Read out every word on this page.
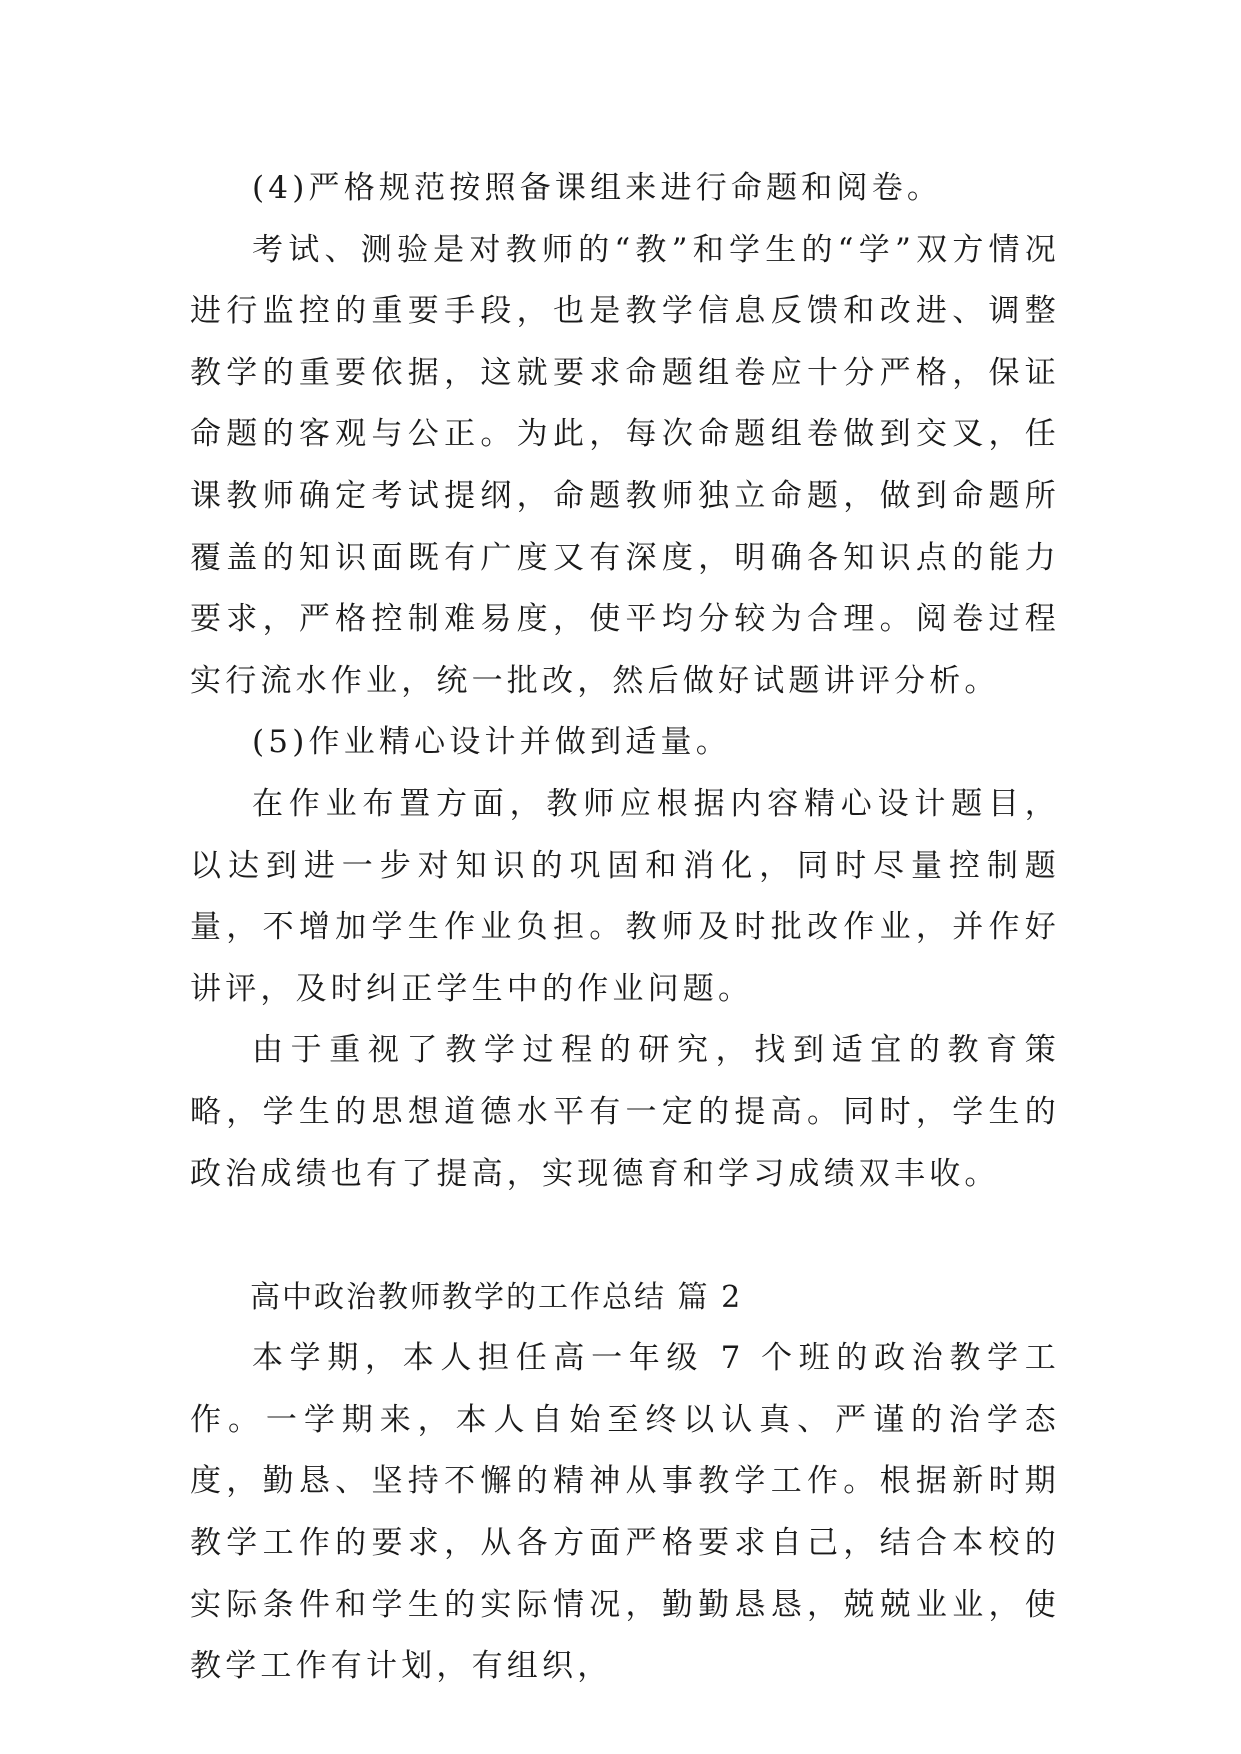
(4)严格规范按照备课组来进行命题和阅卷。

考试、测验是对教师的“教”和学生的“学”双方情况进行监控的重要手段，也是教学信息反馈和改进、调整教学的重要依据，这就要求命题组卷应十分严格，保证命题的客观与公正。为此，每次命题组卷做到交叉，任课教师确定考试提纲，命题教师独立命题，做到命题所覆盖的知识面既有广度又有深度，明确各知识点的能力要求，严格控制难易度，使平均分较为合理。阅卷过程实行流水作业，统一批改，然后做好试题讲评分析。

(5)作业精心设计并做到适量。

在作业布置方面，教师应根据内容精心设计题目，以达到进一步对知识的巩固和消化，同时尽量控制题量，不增加学生作业负担。教师及时批改作业，并作好讲评，及时纠正学生中的作业问题。

由于重视了教学过程的研究，找到适宜的教育策略，学生的思想道德水平有一定的提高。同时，学生的政治成绩也有了提高，实现德育和学习成绩双丰收。

高中政治教师教学的工作总结 篇 2

本学期，本人担任高一年级 7 个班的政治教学工作。一学期来，本人自始至终以认真、严谨的治学态度，勤恳、坚持不懈的精神从事教学工作。根据新时期教学工作的要求，从各方面严格要求自己，结合本校的实际条件和学生的实际情况，勤勤恳恳，兢兢业业，使教学工作有计划，有组织，
